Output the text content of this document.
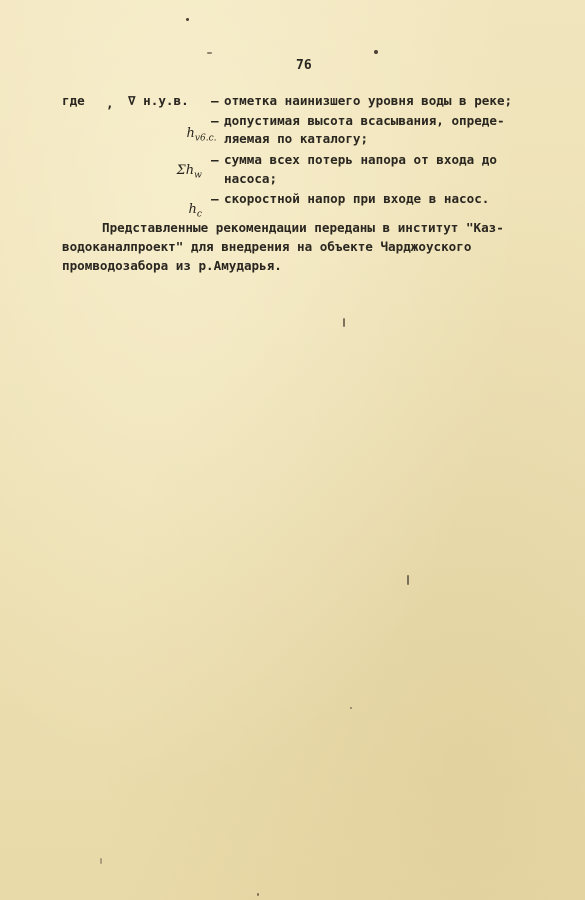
76
где , ∇ н.у.в. – отметка наинизшего уровня воды в реке;

$h_{v6.c.}$

– допустимая высота всасывания, опреде-
ляемая по каталогу;

$\Sigma h_w$

– сумма всех потерь напора от входа до
насоса;

$h_c$

– скоростной напор при входе в насос.
Представленные рекомендации переданы в институт "Каз-
водоканалпроект" для внедрения на объекте Чарджоуского
промводозабора из р.Амударья.
